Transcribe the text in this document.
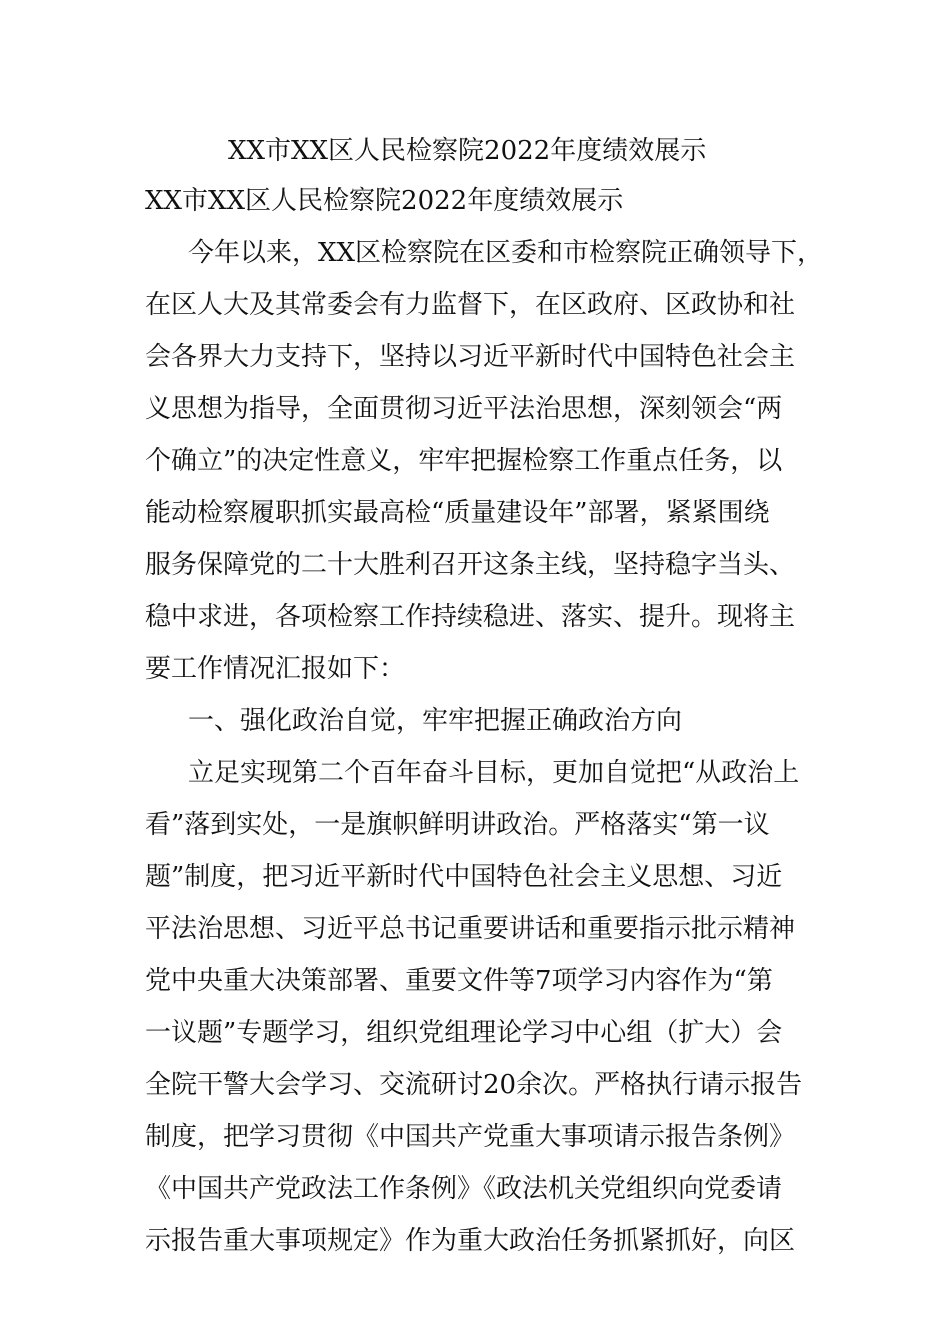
XX市XX区人民检察院2022年度绩效展示
XX市XX区人民检察院2022年度绩效展示
今年以来，XX区检察院在区委和市检察院正确领导下，
在区人大及其常委会有力监督下，在区政府、区政协和社
会各界大力支持下，坚持以习近平新时代中国特色社会主
义思想为指导，全面贯彻习近平法治思想，深刻领会“两
个确立”的决定性意义，牢牢把握检察工作重点任务，以
能动检察履职抓实最高检“质量建设年”部署，紧紧围绕
服务保障党的二十大胜利召开这条主线，坚持稳字当头、
稳中求进，各项检察工作持续稳进、落实、提升。现将主
要工作情况汇报如下：
一、强化政治自觉，牢牢把握正确政治方向
立足实现第二个百年奋斗目标，更加自觉把“从政治上
看”落到实处，一是旗帜鲜明讲政治。严格落实“第一议
题”制度，把习近平新时代中国特色社会主义思想、习近
平法治思想、习近平总书记重要讲话和重要指示批示精神
党中央重大决策部署、重要文件等7项学习内容作为“第
一议题”专题学习，组织党组理论学习中心组（扩大）会
全院干警大会学习、交流研讨20余次。严格执行请示报告
制度，把学习贯彻《中国共产党重大事项请示报告条例》
《中国共产党政法工作条例》《政法机关党组织向党委请
示报告重大事项规定》作为重大政治任务抓紧抓好，向区
